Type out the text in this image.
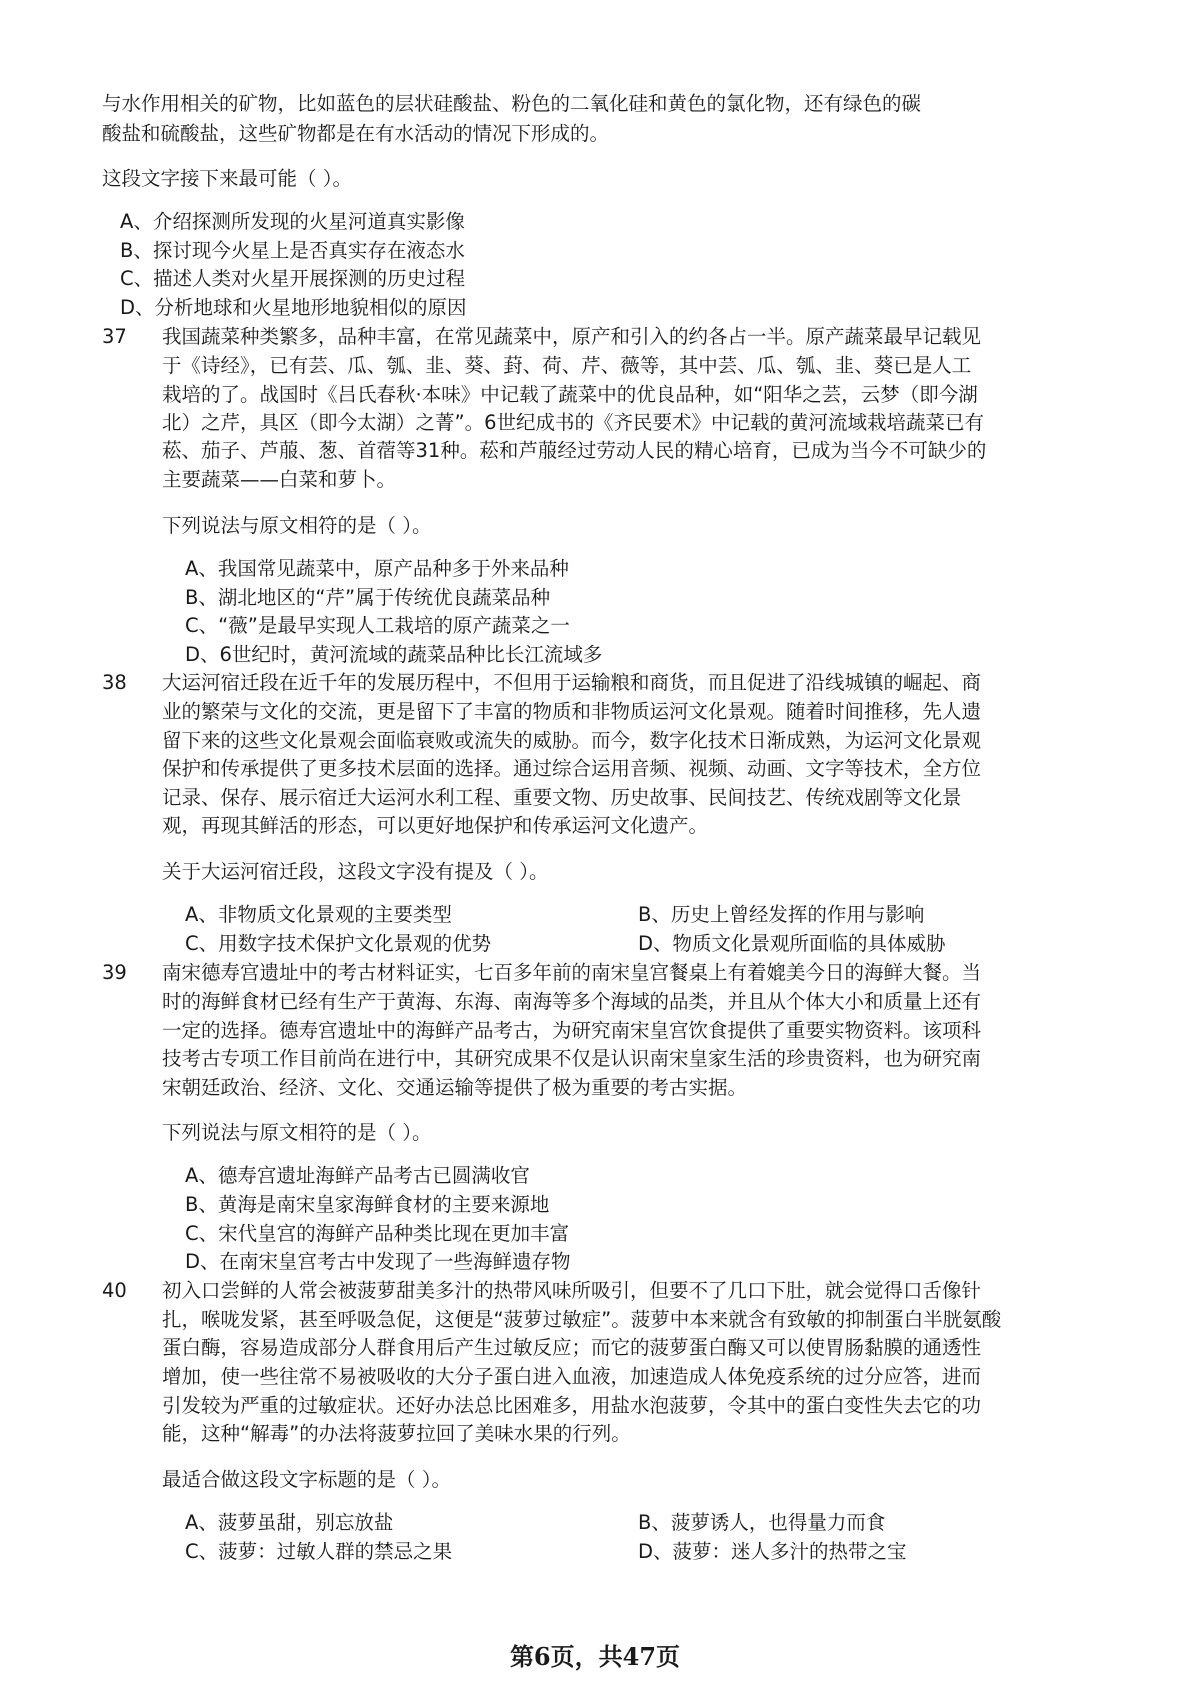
与水作用相关的矿物，比如蓝色的层状硅酸盐、粉色的二氧化硅和黄色的氯化物，还有绿色的碳
酸盐和硫酸盐，这些矿物都是在有水活动的情况下形成的。
这段文字接下来最可能（ ）。
A、介绍探测所发现的火星河道真实影像
B、探讨现今火星上是否真实存在液态水
C、描述人类对火星开展探测的历史过程
D、分析地球和火星地形地貌相似的原因
37 我国蔬菜种类繁多，品种丰富，在常见蔬菜中，原产和引入的约各占一半。原产蔬菜最早记载见
于《诗经》，已有芸、瓜、瓠、韭、葵、葑、荷、芹、薇等，其中芸、瓜、瓠、韭、葵已是人工
栽培的了。战国时《吕氏春秋·本味》中记载了蔬菜中的优良品种，如“阳华之芸，云梦（即今湖
北）之芹，具区（即今太湖）之菁”。6世纪成书的《齐民要术》中记载的黄河流域栽培蔬菜已有
菘、茄子、芦菔、葱、首蓿等31种。菘和芦菔经过劳动人民的精心培育，已成为当今不可缺少的
主要蔬菜——白菜和萝卜。
下列说法与原文相符的是（ ）。
A、我国常见蔬菜中，原产品种多于外来品种
B、湖北地区的“芹”属于传统优良蔬菜品种
C、“薇”是最早实现人工栽培的原产蔬菜之一
D、6世纪时，黄河流域的蔬菜品种比长江流域多
38 大运河宿迁段在近千年的发展历程中，不但用于运输粮和商货，而且促进了沿线城镇的崛起、商
业的繁荣与文化的交流，更是留下了丰富的物质和非物质运河文化景观。随着时间推移，先人遗
留下来的这些文化景观会面临衰败或流失的威胁。而今，数字化技术日渐成熟，为运河文化景观
保护和传承提供了更多技术层面的选择。通过综合运用音频、视频、动画、文字等技术，全方位
记录、保存、展示宿迁大运河水利工程、重要文物、历史故事、民间技艺、传统戏剧等文化景
观，再现其鲜活的形态，可以更好地保护和传承运河文化遗产。
关于大运河宿迁段，这段文字没有提及（ ）。
A、非物质文化景观的主要类型	B、历史上曾经发挥的作用与影响
C、用数字技术保护文化景观的优势	D、物质文化景观所面临的具体威胁
39 南宋德寿宫遗址中的考古材料证实，七百多年前的南宋皇宫餐桌上有着媲美今日的海鲜大餐。当
时的海鲜食材已经有生产于黄海、东海、南海等多个海域的品类，并且从个体大小和质量上还有
一定的选择。德寿宫遗址中的海鲜产品考古，为研究南宋皇宫饮食提供了重要实物资料。该项科
技考古专项工作目前尚在进行中，其研究成果不仅是认识南宋皇家生活的珍贵资料，也为研究南
宋朝廷政治、经济、文化、交通运输等提供了极为重要的考古实据。
下列说法与原文相符的是（ ）。
A、德寿宫遗址海鲜产品考古已圆满收官
B、黄海是南宋皇家海鲜食材的主要来源地
C、宋代皇宫的海鲜产品种类比现在更加丰富
D、在南宋皇宫考古中发现了一些海鲜遗存物
40 初入口尝鲜的人常会被菠萝甜美多汁的热带风味所吸引，但要不了几口下肚，就会觉得口舌像针
扎，喉咙发紧，甚至呼吸急促，这便是“菠萝过敏症”。菠萝中本来就含有致敏的抑制蛋白半胱氨酸
蛋白酶，容易造成部分人群食用后产生过敏反应；而它的菠萝蛋白酶又可以使胃肠黏膜的通透性
增加，使一些往常不易被吸收的大分子蛋白进入血液，加速造成人体免疫系统的过分应答，进而
引发较为严重的过敏症状。还好办法总比困难多，用盐水泡菠萝，令其中的蛋白变性失去它的功
能，这种“解毒”的办法将菠萝拉回了美味水果的行列。
最适合做这段文字标题的是（ ）。
A、菠萝虽甜，别忘放盐	B、菠萝诱人，也得量力而食
C、菠萝：过敏人群的禁忌之果	D、菠萝：迷人多汁的热带之宝
第6页，共47页
